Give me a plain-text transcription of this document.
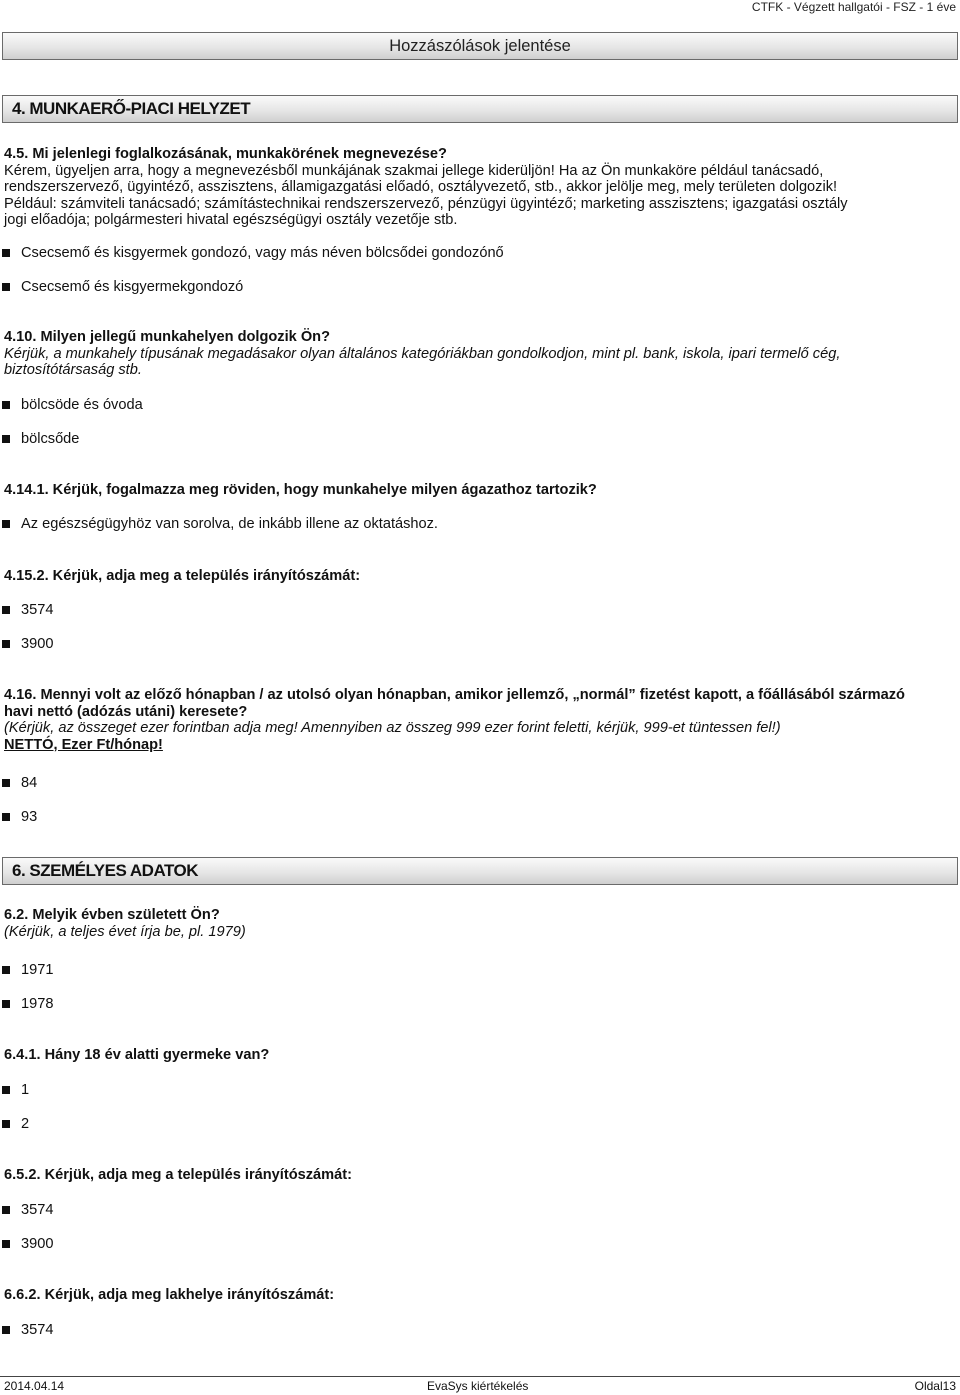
CTFK - Végzett hallgatói - FSZ - 1 éve
Hozzászólások jelentése
4. MUNKAERŐ-PIACI HELYZET
4.5. Mi jelenlegi foglalkozásának, munkakörének megnevezése?
Kérem, ügyeljen arra, hogy a megnevezésből munkájának szakmai jellege kiderüljön! Ha az Ön munkaköre például tanácsadó,
rendszerszervező, ügyintéző, asszisztens, államigazgatási előadó, osztályvezető, stb., akkor jelölje meg, mely területen dolgozik!
Például: számviteli tanácsadó; számítástechnikai rendszerszervező, pénzügyi ügyintéző; marketing asszisztens; igazgatási osztály
jogi előadója; polgármesteri hivatal egészségügyi osztály vezetője stb.
Csecsemő és kisgyermek gondozó, vagy más néven bölcsődei gondozónő
Csecsemő és kisgyermekgondozó
4.10. Milyen jellegű munkahelyen dolgozik Ön?
Kérjük, a munkahely típusának megadásakor olyan általános kategóriákban gondolkodjon, mint pl. bank, iskola, ipari termelő cég,
biztosítótársaság stb.
bölcsöde és óvoda
bölcsőde
4.14.1. Kérjük, fogalmazza meg röviden, hogy munkahelye milyen ágazathoz tartozik?
Az egészségügyhöz van sorolva, de inkább illene az oktatáshoz.
4.15.2. Kérjük, adja meg a település irányítószámát:
3574
3900
4.16. Mennyi volt az előző hónapban / az utolsó olyan hónapban, amikor jellemző, „normál” fizetést kapott, a főállásából származó
havi nettó (adózás utáni) keresete?
(Kérjük, az összeget ezer forintban adja meg! Amennyiben az összeg 999 ezer forint feletti, kérjük, 999-et tüntessen fel!)
NETTÓ, Ezer Ft/hónap!
84
93
6. SZEMÉLYES ADATOK
6.2. Melyik évben született Ön?
(Kérjük, a teljes évet írja be, pl. 1979)
1971
1978
6.4.1. Hány 18 év alatti gyermeke van?
1
2
6.5.2. Kérjük, adja meg a település irányítószámát:
3574
3900
6.6.2. Kérjük, adja meg lakhelye irányítószámát:
3574
2014.04.14	EvaSys kiértékelés	Oldal13
